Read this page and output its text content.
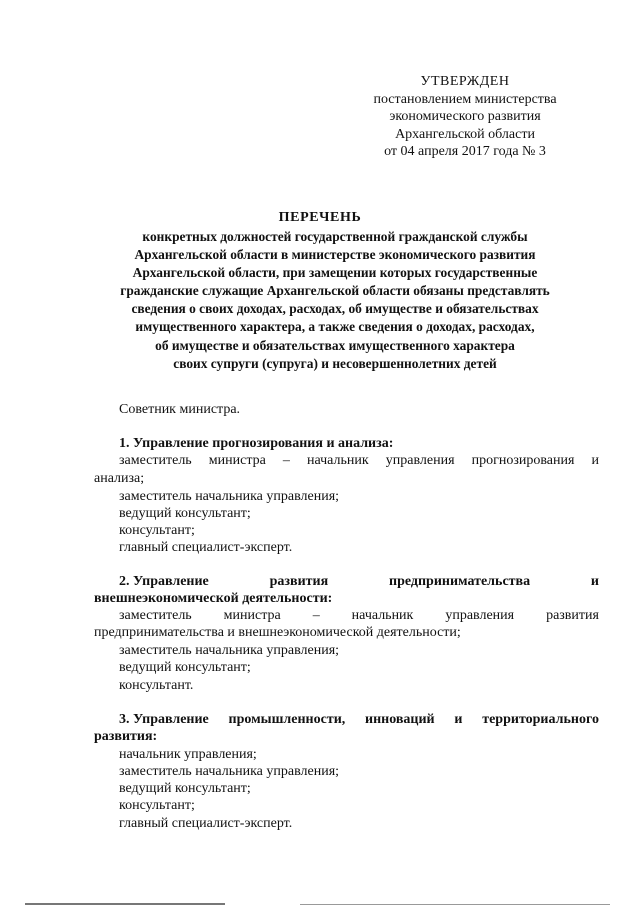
УТВЕРЖДЕН
постановлением министерства
экономического развития
Архангельской области
от 04 апреля 2017 года № 3
ПЕРЕЧЕНЬ
конкретных должностей государственной гражданской службы
Архангельской области в министерстве экономического развития
Архангельской области, при замещении которых государственные
гражданские служащие Архангельской области обязаны представлять
сведения о своих доходах, расходах, об имуществе и обязательствах
имущественного характера, а также сведения о доходах, расходах,
об имуществе и обязательствах имущественного характера
своих супруги (супруга) и несовершеннолетних детей
Советник министра.
1. Управление прогнозирования и анализа:
заместитель министра – начальник управления прогнозирования и
анализа;
заместитель начальника управления;
ведущий консультант;
консультант;
главный специалист-эксперт.
2. Управление	развития	предпринимательства	и
внешнеэкономической деятельности:
заместитель министра – начальник управления развития
предпринимательства и внешнеэкономической деятельности;
заместитель начальника управления;
ведущий консультант;
консультант.
3. Управление промышленности, инноваций и территориального
развития:
начальник управления;
заместитель начальника управления;
ведущий консультант;
консультант;
главный специалист-эксперт.
